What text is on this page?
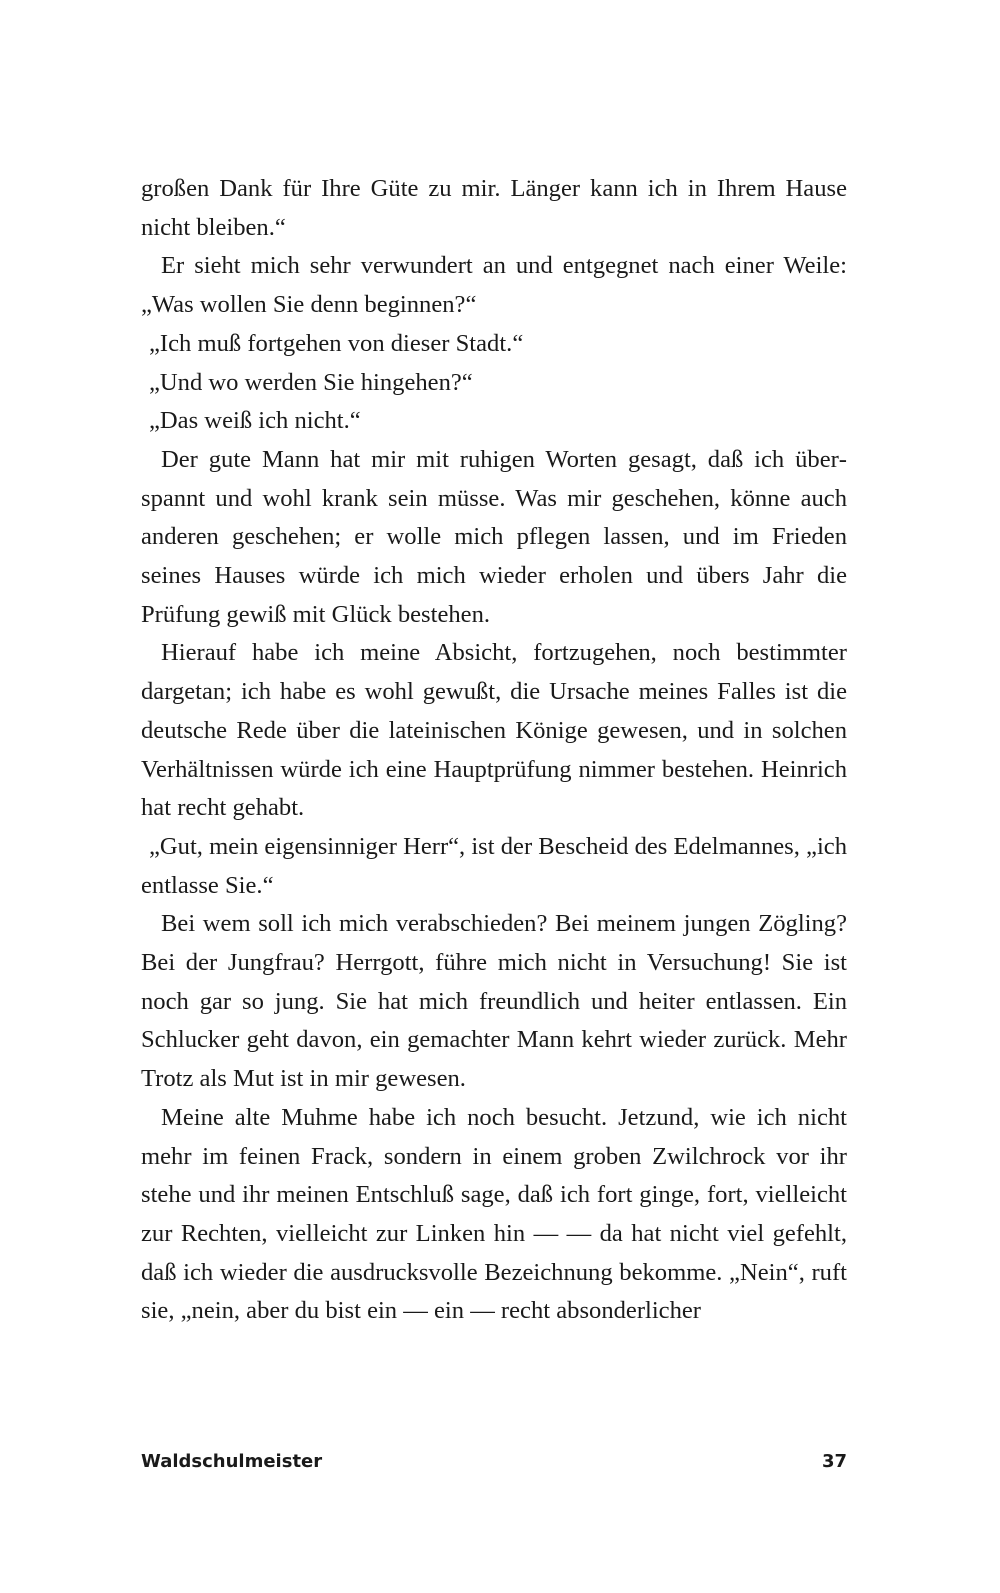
großen Dank für Ihre Güte zu mir. Länger kann ich in Ihrem Hause nicht bleiben.“

Er sieht mich sehr verwundert an und entgegnet nach einer Weile: „Was wollen Sie denn beginnen?“

„Ich muß fortgehen von dieser Stadt.“

„Und wo werden Sie hingehen?“

„Das weiß ich nicht.“

Der gute Mann hat mir mit ruhigen Worten gesagt, daß ich überspannt und wohl krank sein müsse. Was mir geschehen, könne auch anderen geschehen; er wolle mich pflegen lassen, und im Frieden seines Hauses würde ich mich wieder erholen und übers Jahr die Prüfung gewiß mit Glück bestehen.

Hierauf habe ich meine Absicht, fortzugehen, noch bestimmter dargetan; ich habe es wohl gewußt, die Ursache meines Falles ist die deutsche Rede über die lateinischen Könige gewesen, und in solchen Verhältnissen würde ich eine Hauptprüfung nimmer bestehen. Heinrich hat recht gehabt.

„Gut, mein eigensinniger Herr“, ist der Bescheid des Edelmannes, „ich entlasse Sie.“

Bei wem soll ich mich verabschieden? Bei meinem jungen Zögling? Bei der Jungfrau? Herrgott, führe mich nicht in Versuchung! Sie ist noch gar so jung. Sie hat mich freundlich und heiter entlassen. Ein Schlucker geht davon, ein gemachter Mann kehrt wieder zurück. Mehr Trotz als Mut ist in mir gewesen.

Meine alte Muhme habe ich noch besucht. Jetzund, wie ich nicht mehr im feinen Frack, sondern in einem groben Zwilchrock vor ihr stehe und ihr meinen Entschluß sage, daß ich fort ginge, fort, vielleicht zur Rechten, vielleicht zur Linken hin — — da hat nicht viel gefehlt, daß ich wieder die ausdrucksvolle Bezeichnung bekomme. „Nein“, ruft sie, „nein, aber du bist ein — ein — recht absonderlicher

Waldschulmeister	37
